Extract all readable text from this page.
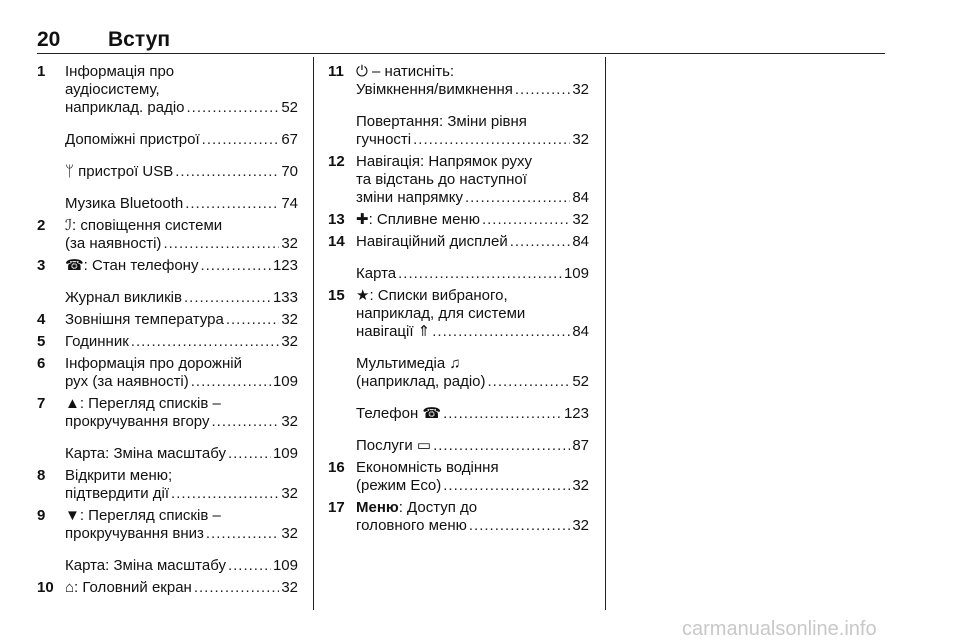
20 Вступ
1 Інформація про
аудіосистему,
наприклад. радіо .....	52
Допоміжні пристрої .....	67
ᛘ пристрої USB .....	70
Музика Bluetooth .....	74
2 ℐ: сповіщення системи
(за наявності) .....	32
3 ☎: Стан телефону .....	123
Журнал викликів .....	133
4 Зовнішня температура .....	32
5 Годинник .....	32
6 Інформація про дорожній
рух (за наявності) .....	109
7 ▲: Перегляд списків –
прокручування вгору .....	32
Карта: Зміна масштабу .....	109
8 Відкрити меню;
підтвердити дії .....	32
9 ▼: Перегляд списків –
прокручування вниз .....	32
Карта: Зміна масштабу .....	109
10 ⌂: Головний екран .....	32
11 ⏻ – натисніть:
Увімкнення/вимкнення .....	32
Повертання: Зміни рівня
гучності .....	32
12 Навігація: Напрямок руху
та відстань до наступної
зміни напрямку .....	84
13 ✚: Спливне меню .....	32
14 Навігаційний дисплей .....	84
Карта .....	109
15 ★: Списки вибраного,
наприклад, для системи
навігації ⇑ .....	84
Мультимедіа ♫
(наприклад, радіо) .....	52
Телефон ☎ .....	123
Послуги ▭ .....	87
16 Економність водіння
(режим Eco) .....	32
17 Меню: Доступ до
головного меню .....	32
carmanualsonline.info
